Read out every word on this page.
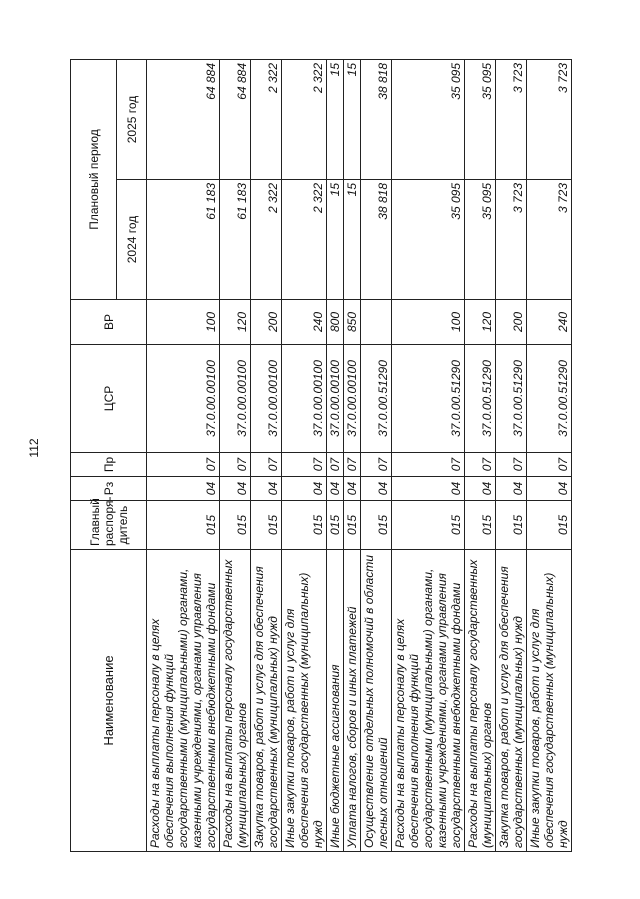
112
Наименование	Главный распоря-дитель	Рз	Пр	ЦСР	ВР	Плановый период	
						2024 год	2025 год
Расходы на выплаты персоналу в целях обеспечения выполнения функций государственными (муниципальными) органами, казенными учреждениями, органами управления государственными внебюджетными фондами	015	04	07	37.0.00.00100	100	61 183	64 884
Расходы на выплаты персоналу государственных (муниципальных) органов	015	04	07	37.0.00.00100	120	61 183	64 884
Закупка товаров, работ и услуг для обеспечения государственных (муниципальных) нужд	015	04	07	37.0.00.00100	200	2 322	2 322
Иные закупки товаров, работ и услуг для обеспечения государственных (муниципальных) нужд	015	04	07	37.0.00.00100	240	2 322	2 322
Иные бюджетные ассигнования	015	04	07	37.0.00.00100	800	15	15
Уплата налогов, сборов и иных платежей	015	04	07	37.0.00.00100	850	15	15
Осуществление отдельных полномочий в области лесных отношений	015	04	07	37.0.00.51290		38 818	38 818
Расходы на выплаты персоналу в целях обеспечения выполнения функций государственными (муниципальными) органами, казенными учреждениями, органами управления государственными внебюджетными фондами	015	04	07	37.0.00.51290	100	35 095	35 095
Расходы на выплаты персоналу государственных (муниципальных) органов	015	04	07	37.0.00.51290	120	35 095	35 095
Закупка товаров, работ и услуг для обеспечения государственных (муниципальных) нужд	015	04	07	37.0.00.51290	200	3 723	3 723
Иные закупки товаров, работ и услуг для обеспечения государственных (муниципальных) нужд	015	04	07	37.0.00.51290	240	3 723	3 723
